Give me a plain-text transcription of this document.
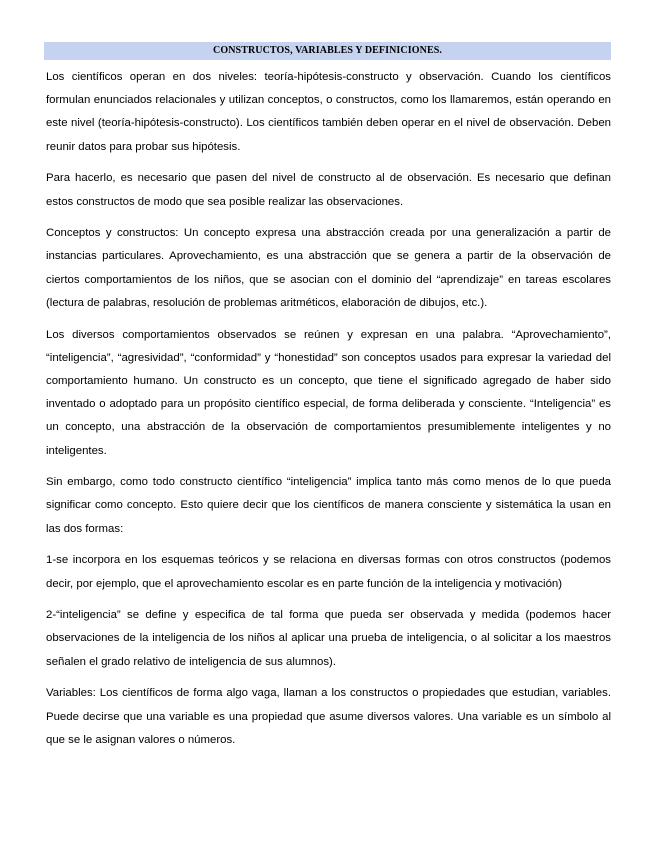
CONSTRUCTOS, VARIABLES Y DEFINICIONES.

Los científicos operan en dos niveles: teoría-hipótesis-constructo y observación. Cuando los científicos formulan enunciados relacionales y utilizan conceptos, o constructos, como los llamaremos, están operando en este nivel (teoría-hipótesis-constructo). Los científicos también deben operar en el nivel de observación. Deben reunir datos para probar sus hipótesis.

Para hacerlo, es necesario que pasen del nivel de constructo al de observación. Es necesario que definan estos constructos de modo que sea posible realizar las observaciones.

Conceptos y constructos: Un concepto expresa una abstracción creada por una generalización a partir de instancias particulares. Aprovechamiento, es una abstracción que se genera a partir de la observación de ciertos comportamientos de los niños, que se asocian con el dominio del “aprendizaje” en tareas escolares (lectura de palabras, resolución de problemas aritméticos, elaboración de dibujos, etc.).

Los diversos comportamientos observados se reúnen y expresan en una palabra. “Aprovechamiento”, “inteligencia”, “agresividad”, “conformidad” y “honestidad” son conceptos usados para expresar la variedad del comportamiento humano. Un constructo es un concepto, que tiene el significado agregado de haber sido inventado o adoptado para un propósito científico especial, de forma deliberada y consciente. “Inteligencia” es un concepto, una abstracción de la observación de comportamientos presumiblemente inteligentes y no inteligentes.

Sin embargo, como todo constructo científico “inteligencia” implica tanto más como menos de lo que pueda significar como concepto. Esto quiere decir que los científicos de manera consciente y sistemática la usan en las dos formas:

1-se incorpora en los esquemas teóricos y se relaciona en diversas formas con otros constructos (podemos decir, por ejemplo, que el aprovechamiento escolar es en parte función de la inteligencia y motivación)

2-“inteligencia” se define y especifica de tal forma que pueda ser observada y medida (podemos hacer observaciones de la inteligencia de los niños al aplicar una prueba de inteligencia, o al solicitar a los maestros señalen el grado relativo de inteligencia de sus alumnos).

Variables: Los científicos de forma algo vaga, llaman a los constructos o propiedades que estudian, variables. Puede decirse que una variable es una propiedad que asume diversos valores. Una variable es un símbolo al que se le asignan valores o números.
